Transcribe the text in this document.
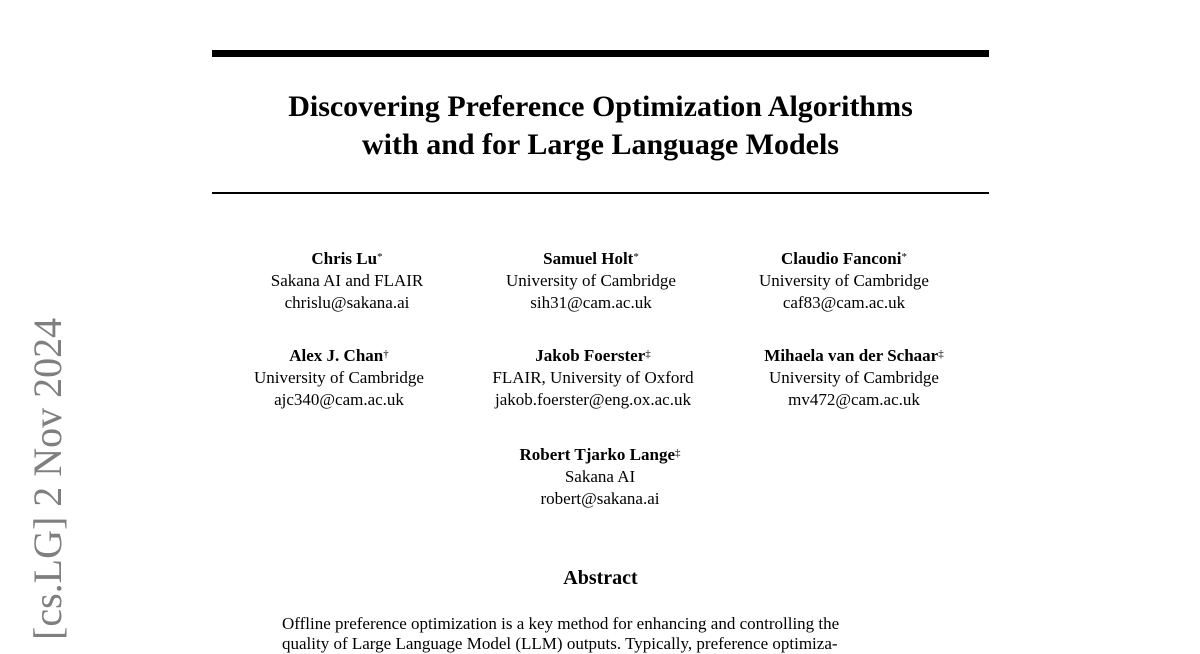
Discovering Preference Optimization Algorithms
with and for Large Language Models
Chris Lu*
Sakana AI and FLAIR
chrislu@sakana.ai
Samuel Holt*
University of Cambridge
sih31@cam.ac.uk
Claudio Fanconi*
University of Cambridge
caf83@cam.ac.uk
Alex J. Chan†
University of Cambridge
ajc340@cam.ac.uk
Jakob Foerster‡
FLAIR, University of Oxford
jakob.foerster@eng.ox.ac.uk
Mihaela van der Schaar‡
University of Cambridge
mv472@cam.ac.uk
Robert Tjarko Lange‡
Sakana AI
robert@sakana.ai
Abstract
Offline preference optimization is a key method for enhancing and controlling the
quality of Large Language Model (LLM) outputs. Typically, preference optimiza-
[cs.LG] 2 Nov 2024
